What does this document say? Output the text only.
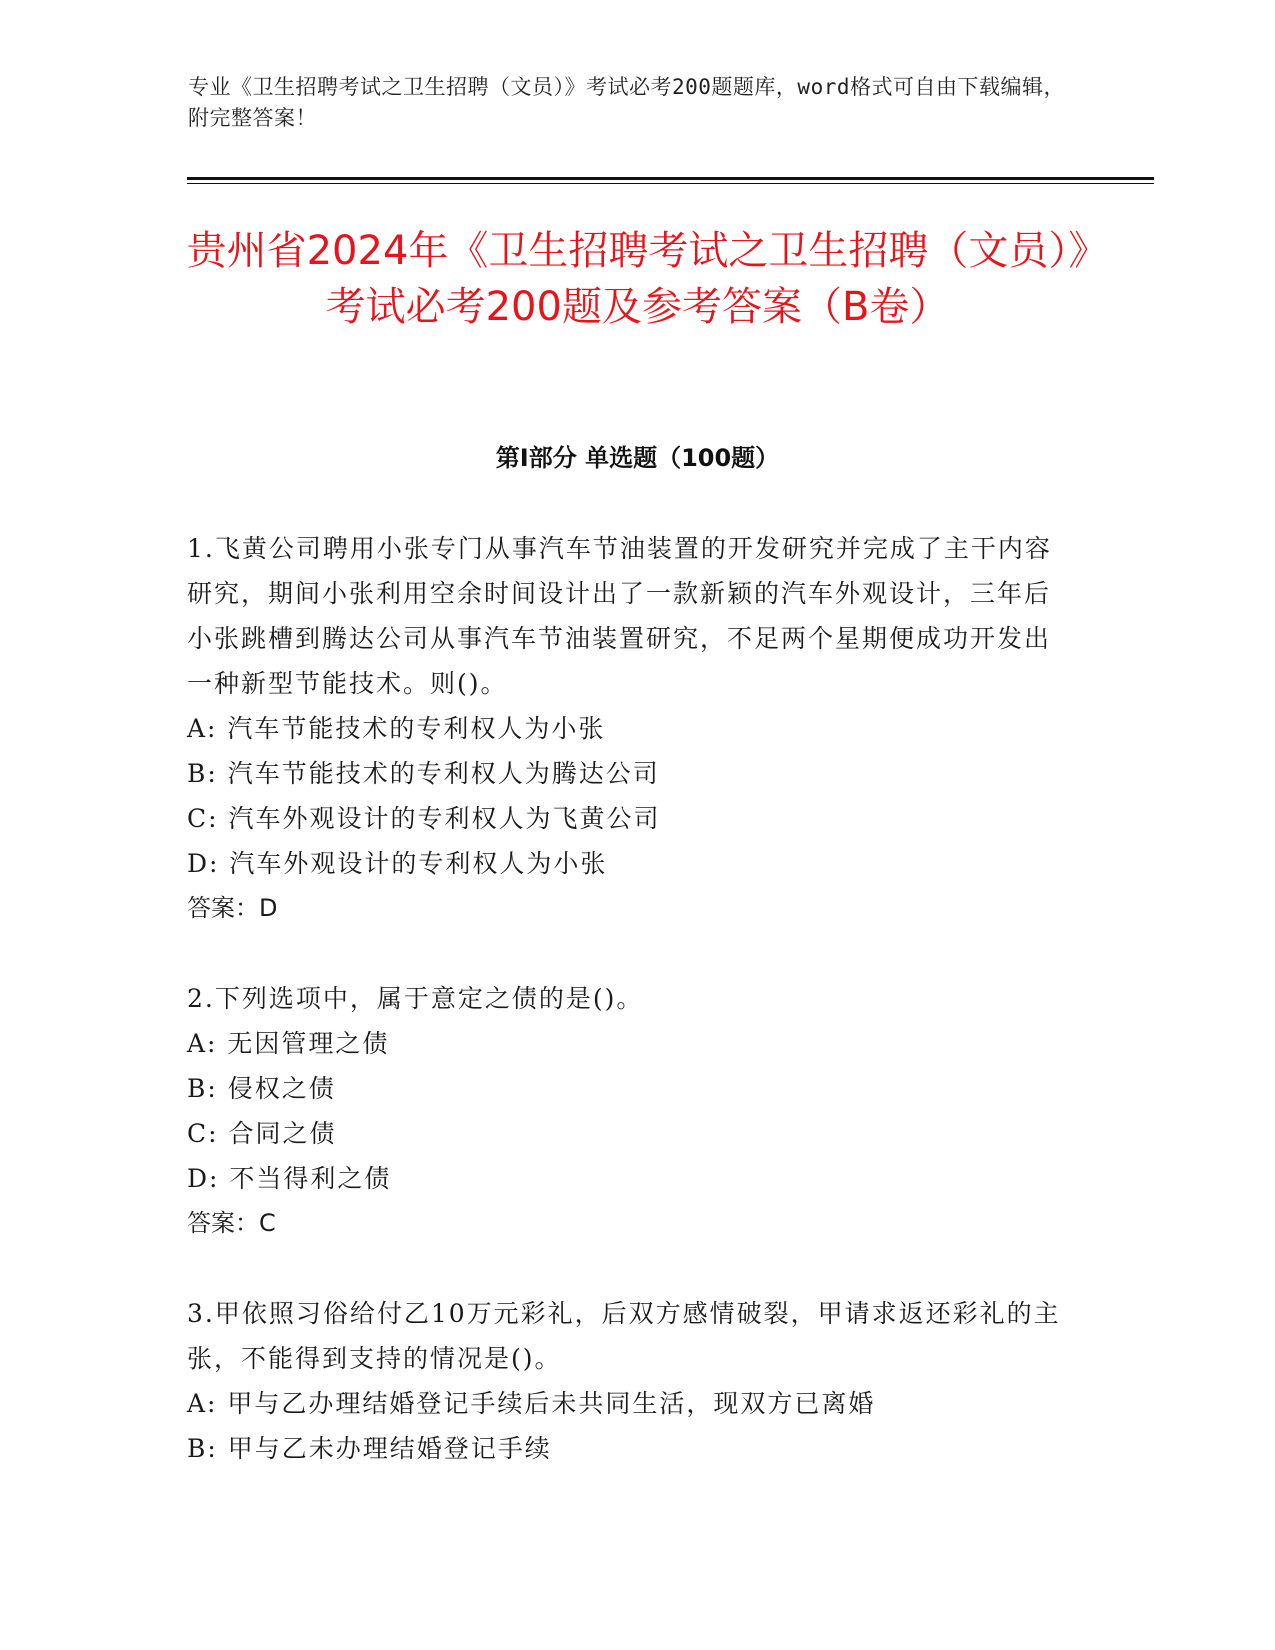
专业《卫生招聘考试之卫生招聘（文员）》考试必考200题题库，word格式可自由下载编辑，附完整答案！
贵州省2024年《卫生招聘考试之卫生招聘（文员）》考试必考200题及参考答案（B卷）
第I部分 单选题（100题）

1.飞黄公司聘用小张专门从事汽车节油装置的开发研究并完成了主干内容研究，期间小张利用空余时间设计出了一款新颖的汽车外观设计，三年后小张跳槽到腾达公司从事汽车节油装置研究，不足两个星期便成功开发出一种新型节能技术。则()。

A: 汽车节能技术的专利权人为小张

B: 汽车节能技术的专利权人为腾达公司

C: 汽车外观设计的专利权人为飞黄公司

D: 汽车外观设计的专利权人为小张

答案：D

2.下列选项中，属于意定之债的是()。

A: 无因管理之债

B: 侵权之债

C: 合同之债

D: 不当得利之债

答案：C

3.甲依照习俗给付乙10万元彩礼，后双方感情破裂，甲请求返还彩礼的主张，不能得到支持的情况是()。

A: 甲与乙办理结婚登记手续后未共同生活，现双方已离婚

B: 甲与乙未办理结婚登记手续
